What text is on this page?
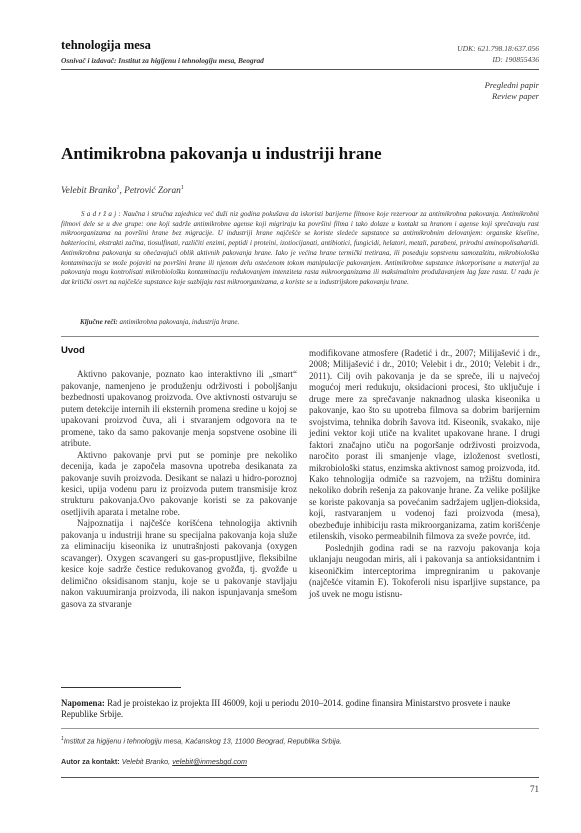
tehnologija mesa
Osnivač i izdavač: Institut za higijenu i tehnologiju mesa, Beograd
UDK: 621.798.18:637.056
ID: 190855436
Pregledni papir
Review paper
Antimikrobna pakovanja u industriji hrane
Velebit Branko$^1$, Petrović Zoran$^1$
S a d r ž a j : Naučna i stručna zajednica već duži niz godina pokušava da iskoristi barijerne filmove koje rezervoar za antimikrobna pakovanja. Antimikrobni filmovi dele se u dve grupe: one koji sadrže antimikrobne agense koji migriraju ka površini filma i tako dolaze u kontakt sa hranom i agense koji sprečavaju rast mikroorganizama na površini hrane bez migracije. U industriji hrane najčešće se koriste sledeće supstance sa antimikrobnim delovanjem: organske kiseline, bakteriocini, ekstrakti začina, tiosulfinati, različiti enzimi, peptidi i proteini, izotiocijanati, antibiotici, fungicidi, helatori, metali, parabeni, prirodni aminopolisaharidi. Antimikrobna pakovanja su obećavajući oblik aktivnih pakovanja hrane. Iako je većina hrane termički tretirana, ili poseduju sopstvenu samozaštitu, mikrobiološka kontaminacija se može pojaviti na površini hrane ili njenom delu ostećenom tokom manipulacije pakovanjem. Antimikrobne supstance inkorporisane u materijal za pakovanja mogu kontrolisati mikrobiološku kontaminaciju redukovanjem intenziteta rasta mikroorganizama ili maksimalnim produžavanjem lag faze rasta. U radu je dat kritički osvrt na najčešće supstance koje suzbijaju rast mikroorganizama, a koriste se u industrijskom pakovanju hrane.
Ključne reči: antimikrobna pakovanja, industrija hrane.
Uvod

Aktivno pakovanje, poznato kao interaktivno ili „smart“ pakovanje, namenjeno je produženju održivosti i poboljšanju bezbednosti upakovanog proizvoda. Ove aktivnosti ostvaruju se putem detekcije internih ili eksternih promena sredine u kojoj se upakovani proizvod čuva, ali i stvaranjem odgovora na te promene, tako da samo pakovanje menja sopstvene osobine ili atribute.

Aktivno pakovanje prvi put se pominje pre nekoliko decenija, kada je započela masovna upotreba desikanata za pakovanje suvih proizvoda. Desikant se nalazi u hidro-poroznoj kesici, upija vodenu paru iz proizvoda putem transmisije kroz strukturu pakovanja.Ovo pakovanje koristi se za pakovanje osetljivih aparata i metalne robe.

Najpoznatija i najčešće korišćena tehnologija aktivnih pakovanja u industriji hrane su specijalna pakovanja koja služe za eliminaciju kiseonika iz unutrašnjosti pakovanja (oxygen scavanger). Oxygen scavangeri su gas-propustljive, fleksibilne kesice koje sadrže čestice redukovanog gvožđa, tj. gvožđe u delimično oksidisanom stanju, koje se u pakovanje stavljaju nakon vakuumiranja proizvoda, ili nakon ispunjavanja smešom gasova za stvaranje

modifikovane atmosfere (Radetić i dr., 2007; Milijašević i dr., 2008; Milijašević i dr., 2010; Velebit i dr., 2010; Velebit i dr., 2011). Cilj ovih pakovanja je da se spreče, ili u najvećoj mogućoj meri redukuju, oksidacioni procesi, što uključuje i druge mere za sprečavanje naknadnog ulaska kiseonika u pakovanje, kao što su upotreba filmova sa dobrim barijernim svojstvima, tehnika dobrih šavova itd. Kiseonik, svakako, nije jedini vektor koji utiče na kvalitet upakovane hrane. I drugi faktori značajno utiču na pogoršanje održivosti proizvoda, naročito porast ili smanjenje vlage, izloženost svetlosti, mikrobiološki status, enzimska aktivnost samog proizvoda, itd. Kako tehnologija odmiče sa razvojem, na tržištu dominira nekoliko dobrih rešenja za pakovanje hrane. Za velike pošiljke se koriste pakovanja sa povećanim sadržajem ugljen-dioksida, koji, rastvaranjem u vodenoj fazi proizvoda (mesa), obezbeđuje inhibiciju rasta mikroorganizama, zatim korišćenje etilenskih, visoko permeabilnih filmova za sveže povrće, itd.

Poslednjih godina radi se na razvoju pakovanja koja uklanjaju neugodan miris, ali i pakovanja sa antioksidantnim i kiseoničkim interceptorima impregniranim u pakovanje (najčešće vitamin E). Tokoferoli nisu isparljive supstance, pa još uvek ne mogu istisnu-

Napomena: Rad je proistekao iz projekta III 46009, koji u periodu 2010–2014. godine finansira Ministarstvo prosvete i nauke Republike Srbije.
$^1$Institut za higijenu i tehnologiju mesa, Kaćanskog 13, 11000 Beograd, Republika Srbija.
Autor za kontakt: Velebit Branko, velebit@inmesbgd.com
71
